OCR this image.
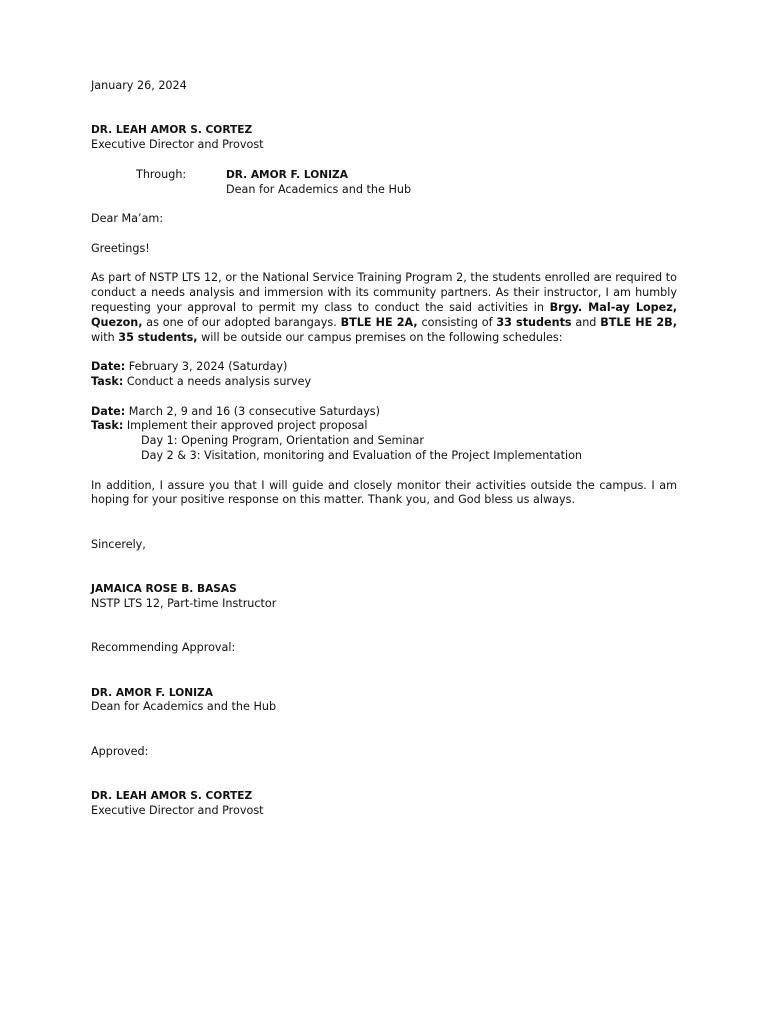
January 26, 2024
DR. LEAH AMOR S. CORTEZ
Executive Director and Provost
Through:	DR. AMOR F. LONIZA
Dean for Academics and the Hub
Dear Ma’am:
Greetings!
As part of NSTP LTS 12, or the National Service Training Program 2, the students enrolled are required to conduct a needs analysis and immersion with its community partners. As their instructor, I am humbly requesting your approval to permit my class to conduct the said activities in Brgy. Mal-ay Lopez, Quezon, as one of our adopted barangays. BTLE HE 2A, consisting of 33 students and BTLE HE 2B, with 35 students, will be outside our campus premises on the following schedules:
Date: February 3, 2024 (Saturday)
Task: Conduct a needs analysis survey
Date: March 2, 9 and 16 (3 consecutive Saturdays)
Task: Implement their approved project proposal
Day 1: Opening Program, Orientation and Seminar
Day 2 & 3: Visitation, monitoring and Evaluation of the Project Implementation
In addition, I assure you that I will guide and closely monitor their activities outside the campus. I am hoping for your positive response on this matter. Thank you, and God bless us always.
Sincerely,
JAMAICA ROSE B. BASAS
NSTP LTS 12, Part-time Instructor
Recommending Approval:
DR. AMOR F. LONIZA
Dean for Academics and the Hub
Approved:
DR. LEAH AMOR S. CORTEZ
Executive Director and Provost
